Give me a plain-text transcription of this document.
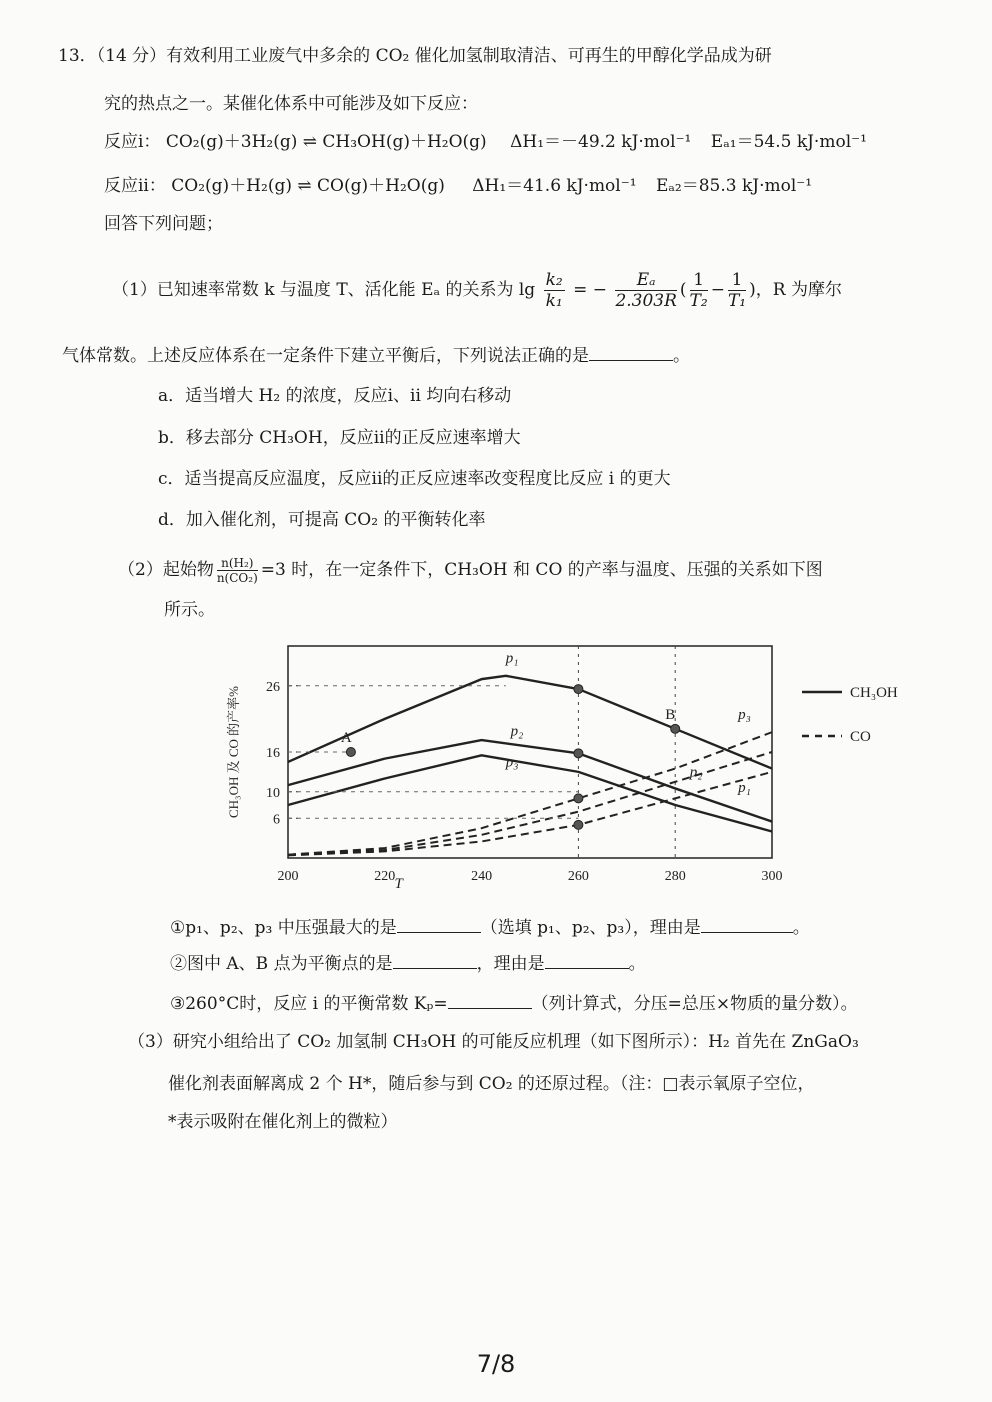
13．（14 分）有效利用工业废气中多余的 CO₂ 催化加氢制取清洁、可再生的甲醇化学品成为研
究的热点之一。某催化体系中可能涉及如下反应：
反应i： CO₂(g)＋3H₂(g) ⇌ CH₃OH(g)＋H₂O(g) ΔH₁＝－49.2 kJ·mol⁻¹ Eₐ₁＝54.5 kJ·mol⁻¹
反应ii： CO₂(g)＋H₂(g) ⇌ CO(g)＋H₂O(g) ΔH₁＝41.6 kJ·mol⁻¹ Eₐ₂＝85.3 kJ·mol⁻¹
回答下列问题；
（1）已知速率常数 k 与温度 T、活化能 Eₐ 的关系为 $\lg \frac{\text{k₂}}{\text{k₁}}$ = − $\frac{\text{Eₐ}}{2.303R}$ ( $\frac{1}{\text{T₂}} - \frac{1}{\text{T₁}}$ )，R 为摩尔
气体常数。上述反应体系在一定条件下建立平衡后，下列说法正确的是	。
a．适当增大 H₂ 的浓度，反应i、ii 均向右移动
b．移去部分 CH₃OH，反应ii的正反应速率增大
c．适当提高反应温度，反应ii的正反应速率改变程度比反应 i 的更大
d．加入催化剂，可提高 CO₂ 的平衡转化率
（2）起始物 $\frac{\text{n(H₂)}}{\text{n(CO₂)}} =3$ 时，在一定条件下，CH₃OH 和 CO 的产率与温度、压强的关系如下图
所示。
6
10
16
26
200	220	240	260	280	300
T
CH₃OH 及 CO 的产率%
p₁
p₂
p₃
p₃
p₂
p₁
A
B
CH₃OH
CO
①p₁、p₂、p₃ 中压强最大的是	（选填 p₁、p₂、p₃），理由是	。
②图中 A、B 点为平衡点的是	，理由是	。
③260°C时，反应 i 的平衡常数 Kₚ=	（列计算式，分压=总压×物质的量分数）。
（3）研究小组给出了 CO₂ 加氢制 CH₃OH 的可能反应机理（如下图所示）：H₂ 首先在 ZnGaO₃
催化剂表面解离成 2 个 H*，随后参与到 CO₂ 的还原过程。（注：□表示氧原子空位，
*表示吸附在催化剂上的微粒）
7/8
